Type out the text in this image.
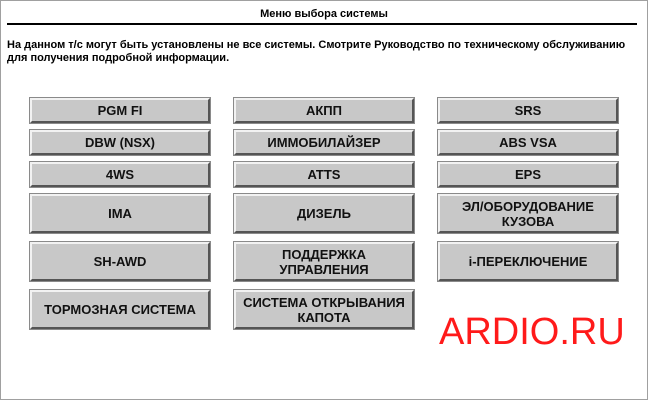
Меню выбора системы
На данном т/с могут быть установлены не все системы. Смотрите Руководство по техническому обслуживанию для получения подробной информации.
PGM FI
DBW (NSX)
4WS
IMA
SH-AWD
ТОРМОЗНАЯ СИСТЕМА
АКПП
ИММОБИЛАЙЗЕР
ATTS
ДИЗЕЛЬ
ПОДДЕРЖКА УПРАВЛЕНИЯ
СИСТЕМА ОТКРЫВАНИЯ КАПОТА
SRS
ABS VSA
EPS
ЭЛ/ОБОРУДОВАНИЕ КУЗОВА
i-ПЕРЕКЛЮЧЕНИЕ
ARDIO.RU
